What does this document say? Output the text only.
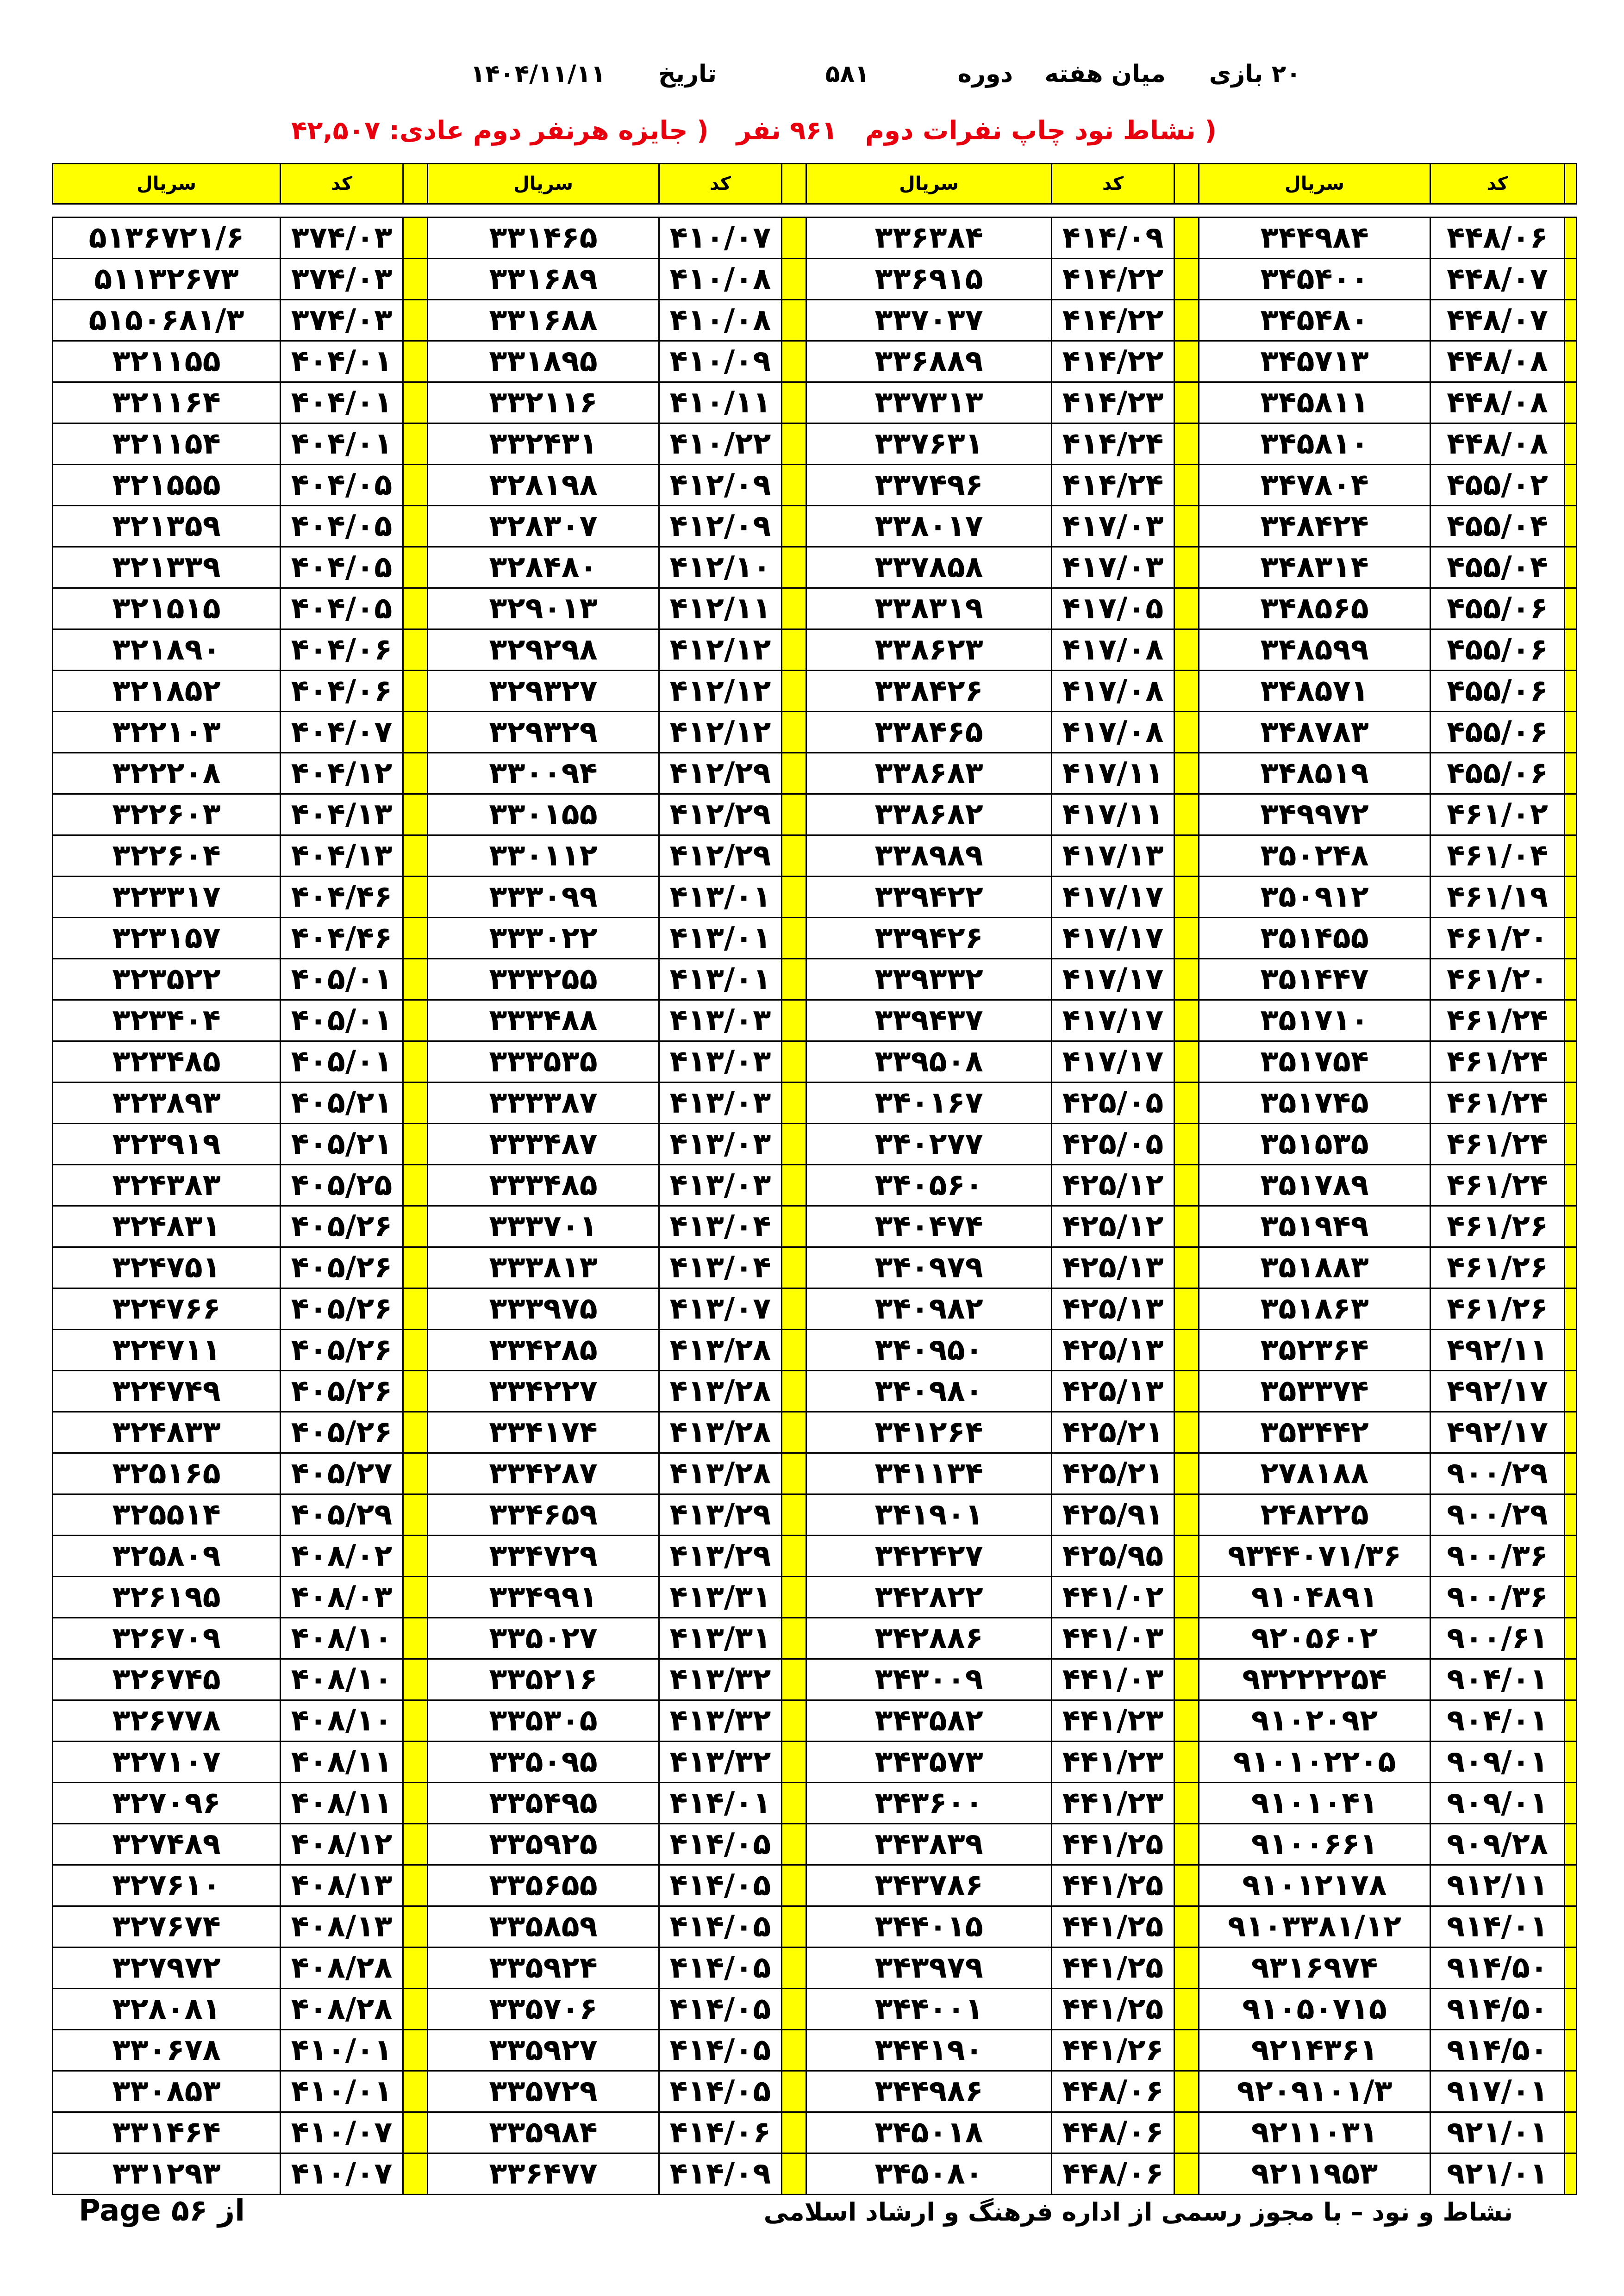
۲۰ بازی
میان هفته
دوره
۵۸۱
تاریخ
۱۴۰۴/۱۱/۱۱
( نشاط نود چاپ نفرات دوم۹۶۱ نفر( جایزه هرنفر دوم عادی: ۴۲,۵۰۷
	کد	سریال		کد	سریال		کد	سریال		کد	سریال

	۴۴۸/۰۶	۳۴۴۹۸۴		۴۱۴/۰۹	۳۳۶۳۸۴		۴۱۰/۰۷	۳۳۱۴۶۵		۳۷۴/۰۳	۵۱۳۶۷۲۱/۶
	۴۴۸/۰۷	۳۴۵۴۰۰		۴۱۴/۲۲	۳۳۶۹۱۵		۴۱۰/۰۸	۳۳۱۶۸۹		۳۷۴/۰۳	۵۱۱۳۲۶۷۳
	۴۴۸/۰۷	۳۴۵۴۸۰		۴۱۴/۲۲	۳۳۷۰۳۷		۴۱۰/۰۸	۳۳۱۶۸۸		۳۷۴/۰۳	۵۱۵۰۶۸۱/۳
	۴۴۸/۰۸	۳۴۵۷۱۳		۴۱۴/۲۲	۳۳۶۸۸۹		۴۱۰/۰۹	۳۳۱۸۹۵		۴۰۴/۰۱	۳۲۱۱۵۵
	۴۴۸/۰۸	۳۴۵۸۱۱		۴۱۴/۲۳	۳۳۷۳۱۳		۴۱۰/۱۱	۳۳۲۱۱۶		۴۰۴/۰۱	۳۲۱۱۶۴
	۴۴۸/۰۸	۳۴۵۸۱۰		۴۱۴/۲۴	۳۳۷۶۳۱		۴۱۰/۲۲	۳۳۲۴۳۱		۴۰۴/۰۱	۳۲۱۱۵۴
	۴۵۵/۰۲	۳۴۷۸۰۴		۴۱۴/۲۴	۳۳۷۴۹۶		۴۱۲/۰۹	۳۲۸۱۹۸		۴۰۴/۰۵	۳۲۱۵۵۵
	۴۵۵/۰۴	۳۴۸۴۲۴		۴۱۷/۰۳	۳۳۸۰۱۷		۴۱۲/۰۹	۳۲۸۳۰۷		۴۰۴/۰۵	۳۲۱۳۵۹
	۴۵۵/۰۴	۳۴۸۳۱۴		۴۱۷/۰۳	۳۳۷۸۵۸		۴۱۲/۱۰	۳۲۸۴۸۰		۴۰۴/۰۵	۳۲۱۳۳۹
	۴۵۵/۰۶	۳۴۸۵۶۵		۴۱۷/۰۵	۳۳۸۳۱۹		۴۱۲/۱۱	۳۲۹۰۱۳		۴۰۴/۰۵	۳۲۱۵۱۵
	۴۵۵/۰۶	۳۴۸۵۹۹		۴۱۷/۰۸	۳۳۸۶۲۳		۴۱۲/۱۲	۳۲۹۲۹۸		۴۰۴/۰۶	۳۲۱۸۹۰
	۴۵۵/۰۶	۳۴۸۵۷۱		۴۱۷/۰۸	۳۳۸۴۲۶		۴۱۲/۱۲	۳۲۹۳۲۷		۴۰۴/۰۶	۳۲۱۸۵۲
	۴۵۵/۰۶	۳۴۸۷۸۳		۴۱۷/۰۸	۳۳۸۴۶۵		۴۱۲/۱۲	۳۲۹۳۲۹		۴۰۴/۰۷	۳۲۲۱۰۳
	۴۵۵/۰۶	۳۴۸۵۱۹		۴۱۷/۱۱	۳۳۸۶۸۳		۴۱۲/۲۹	۳۳۰۰۹۴		۴۰۴/۱۲	۳۲۲۲۰۸
	۴۶۱/۰۲	۳۴۹۹۷۲		۴۱۷/۱۱	۳۳۸۶۸۲		۴۱۲/۲۹	۳۳۰۱۵۵		۴۰۴/۱۳	۳۲۲۶۰۳
	۴۶۱/۰۴	۳۵۰۲۴۸		۴۱۷/۱۳	۳۳۸۹۸۹		۴۱۲/۲۹	۳۳۰۱۱۲		۴۰۴/۱۳	۳۲۲۶۰۴
	۴۶۱/۱۹	۳۵۰۹۱۲		۴۱۷/۱۷	۳۳۹۴۲۲		۴۱۳/۰۱	۳۳۳۰۹۹		۴۰۴/۴۶	۳۲۳۳۱۷
	۴۶۱/۲۰	۳۵۱۴۵۵		۴۱۷/۱۷	۳۳۹۴۲۶		۴۱۳/۰۱	۳۳۳۰۲۲		۴۰۴/۴۶	۳۲۳۱۵۷
	۴۶۱/۲۰	۳۵۱۴۴۷		۴۱۷/۱۷	۳۳۹۳۳۲		۴۱۳/۰۱	۳۳۳۲۵۵		۴۰۵/۰۱	۳۲۳۵۲۲
	۴۶۱/۲۴	۳۵۱۷۱۰		۴۱۷/۱۷	۳۳۹۴۳۷		۴۱۳/۰۳	۳۳۳۴۸۸		۴۰۵/۰۱	۳۲۳۴۰۴
	۴۶۱/۲۴	۳۵۱۷۵۴		۴۱۷/۱۷	۳۳۹۵۰۸		۴۱۳/۰۳	۳۳۳۵۳۵		۴۰۵/۰۱	۳۲۳۴۸۵
	۴۶۱/۲۴	۳۵۱۷۴۵		۴۲۵/۰۵	۳۴۰۱۶۷		۴۱۳/۰۳	۳۳۳۳۸۷		۴۰۵/۲۱	۳۲۳۸۹۳
	۴۶۱/۲۴	۳۵۱۵۳۵		۴۲۵/۰۵	۳۴۰۲۷۷		۴۱۳/۰۳	۳۳۳۴۸۷		۴۰۵/۲۱	۳۲۳۹۱۹
	۴۶۱/۲۴	۳۵۱۷۸۹		۴۲۵/۱۲	۳۴۰۵۶۰		۴۱۳/۰۳	۳۳۳۴۸۵		۴۰۵/۲۵	۳۲۴۳۸۳
	۴۶۱/۲۶	۳۵۱۹۴۹		۴۲۵/۱۲	۳۴۰۴۷۴		۴۱۳/۰۴	۳۳۳۷۰۱		۴۰۵/۲۶	۳۲۴۸۳۱
	۴۶۱/۲۶	۳۵۱۸۸۳		۴۲۵/۱۳	۳۴۰۹۷۹		۴۱۳/۰۴	۳۳۳۸۱۳		۴۰۵/۲۶	۳۲۴۷۵۱
	۴۶۱/۲۶	۳۵۱۸۶۳		۴۲۵/۱۳	۳۴۰۹۸۲		۴۱۳/۰۷	۳۳۳۹۷۵		۴۰۵/۲۶	۳۲۴۷۶۶
	۴۹۲/۱۱	۳۵۲۳۶۴		۴۲۵/۱۳	۳۴۰۹۵۰		۴۱۳/۲۸	۳۳۴۲۸۵		۴۰۵/۲۶	۳۲۴۷۱۱
	۴۹۲/۱۷	۳۵۳۳۷۴		۴۲۵/۱۳	۳۴۰۹۸۰		۴۱۳/۲۸	۳۳۴۲۲۷		۴۰۵/۲۶	۳۲۴۷۴۹
	۴۹۲/۱۷	۳۵۳۴۴۲		۴۲۵/۲۱	۳۴۱۲۶۴		۴۱۳/۲۸	۳۳۴۱۷۴		۴۰۵/۲۶	۳۲۴۸۳۳
	۹۰۰/۲۹	۲۷۸۱۸۸		۴۲۵/۲۱	۳۴۱۱۳۴		۴۱۳/۲۸	۳۳۴۲۸۷		۴۰۵/۲۷	۳۲۵۱۶۵
	۹۰۰/۲۹	۲۴۸۲۲۵		۴۲۵/۹۱	۳۴۱۹۰۱		۴۱۳/۲۹	۳۳۴۶۵۹		۴۰۵/۲۹	۳۲۵۵۱۴
	۹۰۰/۳۶	۹۳۴۴۰۷۱/۳۶		۴۲۵/۹۵	۳۴۲۴۲۷		۴۱۳/۲۹	۳۳۴۷۲۹		۴۰۸/۰۲	۳۲۵۸۰۹
	۹۰۰/۳۶	۹۱۰۴۸۹۱		۴۴۱/۰۲	۳۴۲۸۲۲		۴۱۳/۳۱	۳۳۴۹۹۱		۴۰۸/۰۳	۳۲۶۱۹۵
	۹۰۰/۶۱	۹۲۰۵۶۰۲		۴۴۱/۰۳	۳۴۲۸۸۶		۴۱۳/۳۱	۳۳۵۰۲۷		۴۰۸/۱۰	۳۲۶۷۰۹
	۹۰۴/۰۱	۹۳۲۲۲۲۵۴		۴۴۱/۰۳	۳۴۳۰۰۹		۴۱۳/۳۲	۳۳۵۲۱۶		۴۰۸/۱۰	۳۲۶۷۴۵
	۹۰۴/۰۱	۹۱۰۲۰۹۲		۴۴۱/۲۳	۳۴۳۵۸۲		۴۱۳/۳۲	۳۳۵۳۰۵		۴۰۸/۱۰	۳۲۶۷۷۸
	۹۰۹/۰۱	۹۱۰۱۰۲۲۰۵		۴۴۱/۲۳	۳۴۳۵۷۳		۴۱۳/۳۲	۳۳۵۰۹۵		۴۰۸/۱۱	۳۲۷۱۰۷
	۹۰۹/۰۱	۹۱۰۱۰۴۱		۴۴۱/۲۳	۳۴۳۶۰۰		۴۱۴/۰۱	۳۳۵۴۹۵		۴۰۸/۱۱	۳۲۷۰۹۶
	۹۰۹/۲۸	۹۱۰۰۶۶۱		۴۴۱/۲۵	۳۴۳۸۳۹		۴۱۴/۰۵	۳۳۵۹۲۵		۴۰۸/۱۲	۳۲۷۴۸۹
	۹۱۲/۱۱	۹۱۰۱۲۱۷۸		۴۴۱/۲۵	۳۴۳۷۸۶		۴۱۴/۰۵	۳۳۵۶۵۵		۴۰۸/۱۳	۳۲۷۶۱۰
	۹۱۴/۰۱	۹۱۰۳۳۸۱/۱۲		۴۴۱/۲۵	۳۴۴۰۱۵		۴۱۴/۰۵	۳۳۵۸۵۹		۴۰۸/۱۳	۳۲۷۶۷۴
	۹۱۴/۵۰	۹۳۱۶۹۷۴		۴۴۱/۲۵	۳۴۳۹۷۹		۴۱۴/۰۵	۳۳۵۹۲۴		۴۰۸/۲۸	۳۲۷۹۷۲
	۹۱۴/۵۰	۹۱۰۵۰۷۱۵		۴۴۱/۲۵	۳۴۴۰۰۱		۴۱۴/۰۵	۳۳۵۷۰۶		۴۰۸/۲۸	۳۲۸۰۸۱
	۹۱۴/۵۰	۹۲۱۴۳۶۱		۴۴۱/۲۶	۳۴۴۱۹۰		۴۱۴/۰۵	۳۳۵۹۲۷		۴۱۰/۰۱	۳۳۰۶۷۸
	۹۱۷/۰۱	۹۲۰۹۱۰۱/۳		۴۴۸/۰۶	۳۴۴۹۸۶		۴۱۴/۰۵	۳۳۵۷۲۹		۴۱۰/۰۱	۳۳۰۸۵۳
	۹۲۱/۰۱	۹۲۱۱۰۳۱		۴۴۸/۰۶	۳۴۵۰۱۸		۴۱۴/۰۶	۳۳۵۹۸۴		۴۱۰/۰۷	۳۳۱۴۶۴
	۹۲۱/۰۱	۹۲۱۱۹۵۳		۴۴۸/۰۶	۳۴۵۰۸۰		۴۱۴/۰۹	۳۳۶۴۷۷		۴۱۰/۰۷	۳۳۱۲۹۳
Page ۵۶ از	نشاط و نود – با مجوز رسمی از اداره فرهنگ و ارشاد اسلامی
